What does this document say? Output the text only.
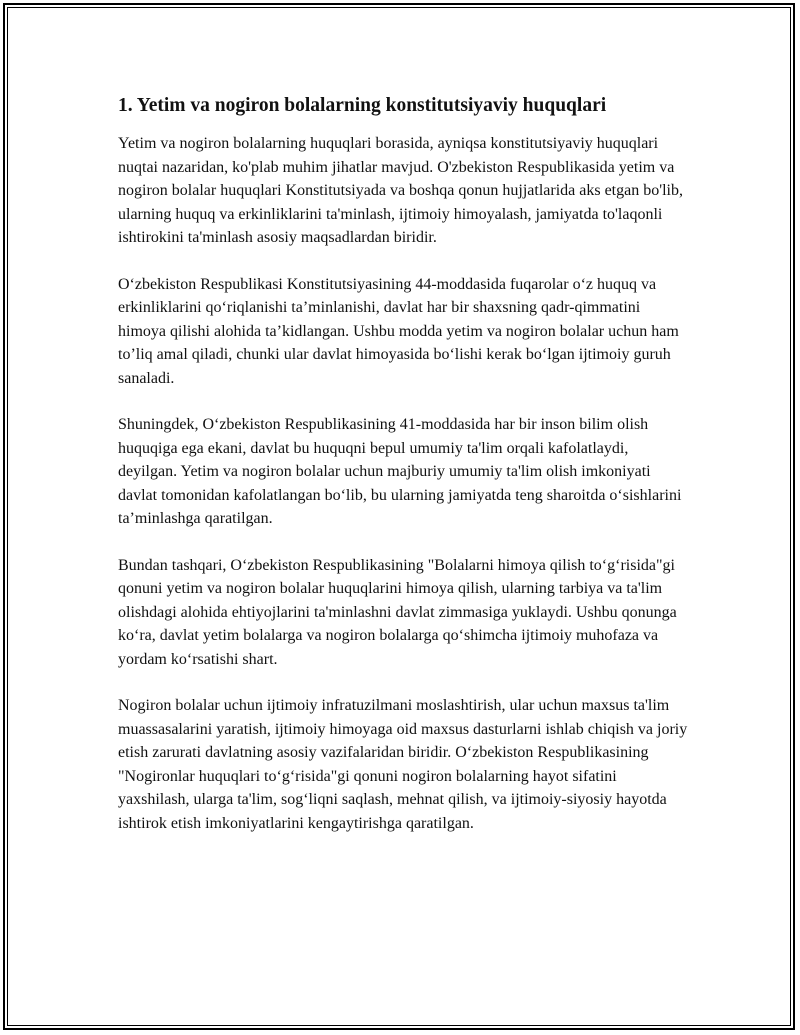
1. Yetim va nogiron bolalarning konstitutsiyaviy huquqlari

Yetim va nogiron bolalarning huquqlari borasida, ayniqsa konstitutsiyaviy huquqlari nuqtai nazaridan, ko'plab muhim jihatlar mavjud. O'zbekiston Respublikasida yetim va nogiron bolalar huquqlari Konstitutsiyada va boshqa qonun hujjatlarida aks etgan bo'lib, ularning huquq va erkinliklarini ta'minlash, ijtimoiy himoyalash, jamiyatda to'laqonli ishtirokini ta'minlash asosiy maqsadlardan biridir.

O‘zbekiston Respublikasi Konstitutsiyasining 44-moddasida fuqarolar o‘z huquq va erkinliklarini qo‘riqlanishi ta’minlanishi, davlat har bir shaxsning qadr-qimmatini himoya qilishi alohida ta’kidlangan. Ushbu modda yetim va nogiron bolalar uchun ham to’liq amal qiladi, chunki ular davlat himoyasida bo‘lishi kerak bo‘lgan ijtimoiy guruh sanaladi.

Shuningdek, O‘zbekiston Respublikasining 41-moddasida har bir inson bilim olish huquqiga ega ekani, davlat bu huquqni bepul umumiy ta'lim orqali kafolatlaydi, deyilgan. Yetim va nogiron bolalar uchun majburiy umumiy ta'lim olish imkoniyati davlat tomonidan kafolatlangan bo‘lib, bu ularning jamiyatda teng sharoitda o‘sishlarini ta’minlashga qaratilgan.

Bundan tashqari, O‘zbekiston Respublikasining "Bolalarni himoya qilish to‘g‘risida"gi qonuni yetim va nogiron bolalar huquqlarini himoya qilish, ularning tarbiya va ta'lim olishdagi alohida ehtiyojlarini ta'minlashni davlat zimmasiga yuklaydi. Ushbu qonunga ko‘ra, davlat yetim bolalarga va nogiron bolalarga qo‘shimcha ijtimoiy muhofaza va yordam ko‘rsatishi shart.

Nogiron bolalar uchun ijtimoiy infratuzilmani moslashtirish, ular uchun maxsus ta'lim muassasalarini yaratish, ijtimoiy himoyaga oid maxsus dasturlarni ishlab chiqish va joriy etish zarurati davlatning asosiy vazifalaridan biridir. O‘zbekiston Respublikasining "Nogironlar huquqlari to‘g‘risida"gi qonuni nogiron bolalarning hayot sifatini yaxshilash, ularga ta'lim, sog‘liqni saqlash, mehnat qilish, va ijtimoiy-siyosiy hayotda ishtirok etish imkoniyatlarini kengaytirishga qaratilgan.
